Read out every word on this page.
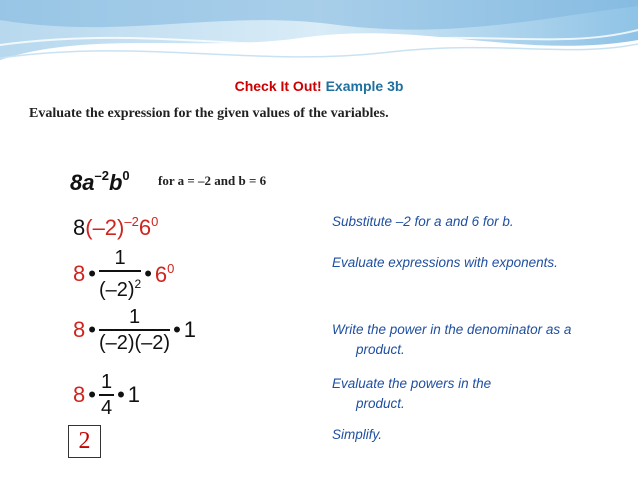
Check It Out! Example 3b
Evaluate the expression for the given values of the variables.
$8a^{-2}b^0$ for a = –2 and b = 6
$8(-2)^{-2}6^0$
8 • $\frac{1}{(-2)^2}$ • $6^0$
8 • $\frac{1}{(-2)(-2)}$ • 1
8 • $\frac{1}{4}$ • 1
2
Substitute –2 for a and 6 for b.
Evaluate expressions with exponents.
Write the power in the denominator as a
product.
Evaluate the powers in the
product.
Simplify.
